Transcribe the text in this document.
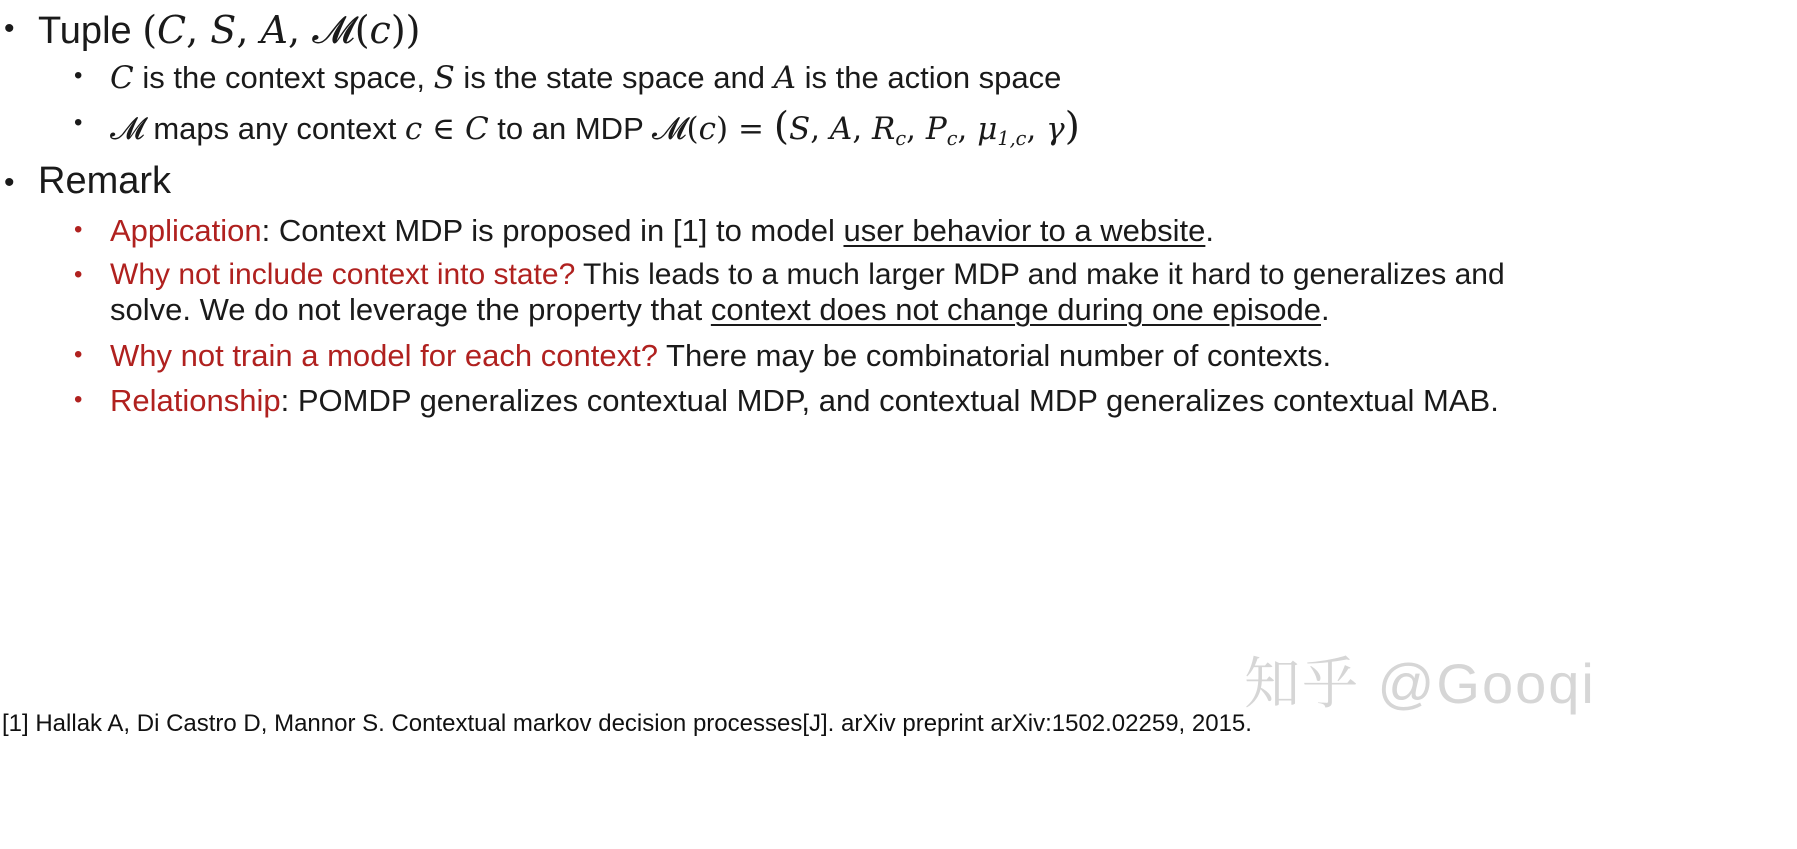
• Tuple (C, S, A, 𝓜(c))
• C is the context space, S is the state space and A is the action space
• 𝓜 maps any context c ∈ C to an MDP 𝓜(c) = (S, A, $R_c$, $P_c$, $\mu_{1,c}$, γ)
• Remark
• Application: Context MDP is proposed in [1] to model user behavior to a website.
• Why not include context into state? This leads to a much larger MDP and make it hard to generalizes and
solve. We do not leverage the property that context does not change during one episode.
• Why not train a model for each context? There may be combinatorial number of contexts.
• Relationship: POMDP generalizes contextual MDP, and contextual MDP generalizes contextual MAB.
知乎 @Gooqi
[1] Hallak A, Di Castro D, Mannor S. Contextual markov decision processes[J]. arXiv preprint arXiv:1502.02259, 2015.
